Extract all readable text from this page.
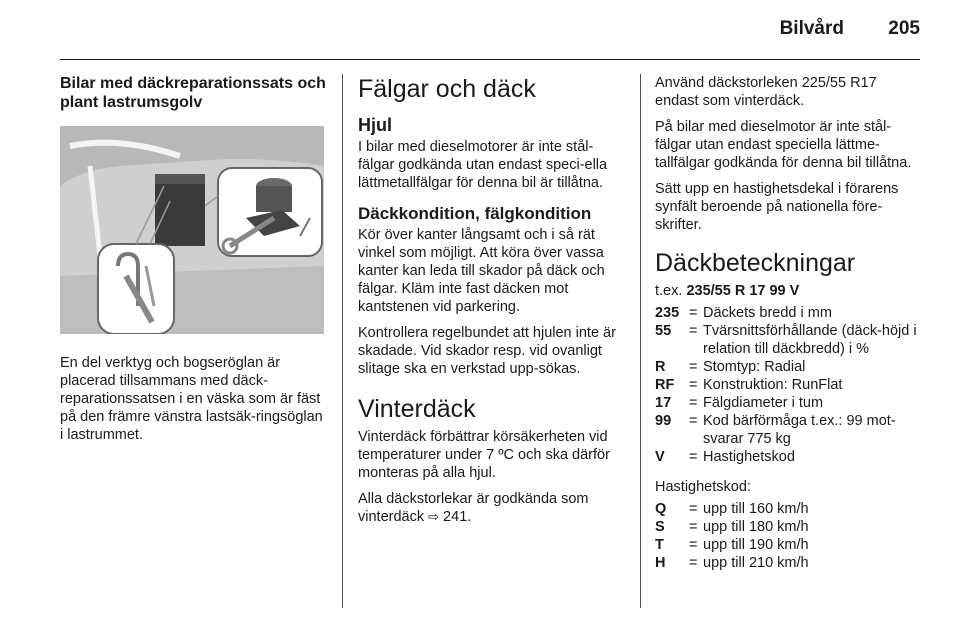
Bilvård 205
Bilar med däckreparationssats och plant lastrumsgolv

En del verktyg och bogseröglan är placerad tillsammans med däck-reparationssatsen i en väska som är fäst på den främre vänstra lastsäk-ringsöglan i lastrummet.

Fälgar och däck
Hjul

I bilar med dieselmotorer är inte stål-fälgar godkända utan endast speci-ella lättmetallfälgar för denna bil är tillåtna.

Däckkondition, fälgkondition

Kör över kanter långsamt och i så rät vinkel som möjligt. Att köra över vassa kanter kan leda till skador på däck och fälgar. Kläm inte fast däcken mot kantstenen vid parkering.

Kontrollera regelbundet att hjulen inte är skadade. Vid skador resp. vid ovanligt slitage ska en verkstad upp-sökas.

Vinterdäck

Vinterdäck förbättrar körsäkerheten vid temperaturer under 7 ºC och ska därför monteras på alla hjul.

Alla däckstorlekar är godkända som vinterdäck ⇨ 241.

Använd däckstorleken 225/55 R17 endast som vinterdäck.

På bilar med dieselmotor är inte stål-fälgar utan endast speciella lättme-tallfälgar godkända för denna bil tillåtna.

Sätt upp en hastighetsdekal i förarens synfält beroende på nationella före-skrifter.

Däckbeteckningar
t.ex. 235/55 R 17 99 V
235 = Däckets bredd i mm
55	= Tvärsnittsförhållande (däck-höjd i relation till däckbredd) i %
R	= Stomtyp: Radial
RF	= Konstruktion: RunFlat
17	= Fälgdiameter i tum
99	= Kod bärförmåga t.ex.: 99 mot-svarar 775 kg
V	= Hastighetskod
Hastighetskod:
Q	= upp till 160 km/h
S	= upp till 180 km/h
T	= upp till 190 km/h
H	= upp till 210 km/h
